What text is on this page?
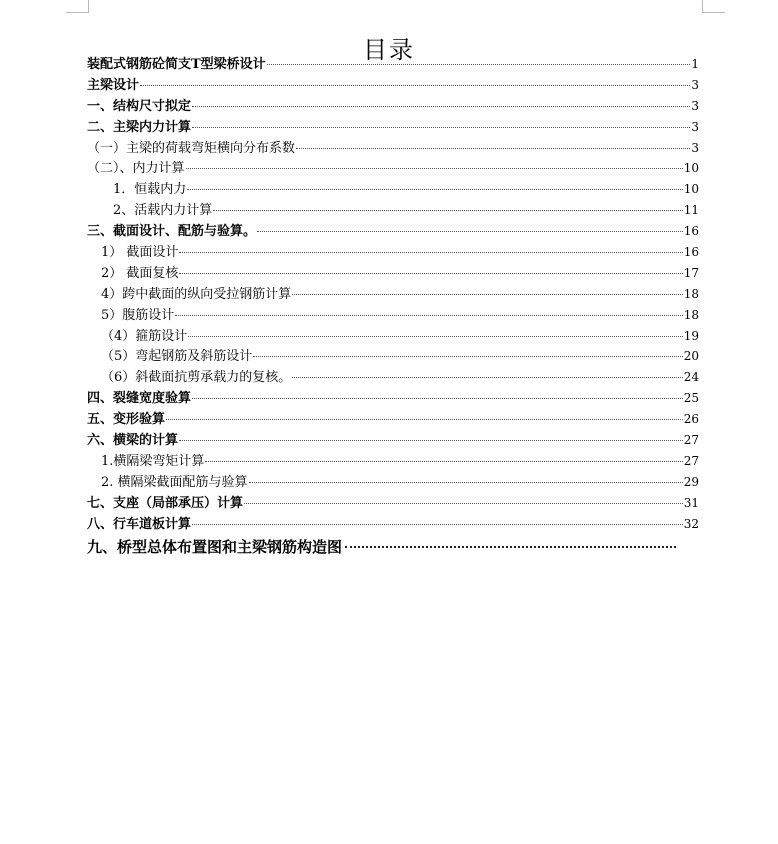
目录
装配式钢筋砼简支T型梁桥设计	1
主梁设计	3
一、结构尺寸拟定	3
二、主梁内力计算	3
（一）主梁的荷载弯矩横向分布系数	3
（二）、内力计算	10
1．恒载内力	10
2、活载内力计算	11
三、截面设计、配筋与验算。	16
1） 截面设计	16
2） 截面复核	17
4）跨中截面的纵向受拉钢筋计算	18
5）腹筋设计	18
（4）箍筋设计	19
（5）弯起钢筋及斜筋设计	20
（6）斜截面抗剪承载力的复核。	24
四、裂缝宽度验算	25
五、变形验算	26
六、横梁的计算	27
1.横隔梁弯矩计算	27
2. 横隔梁截面配筋与验算	29
七、支座（局部承压）计算	31
八、行车道板计算	32
九、桥型总体布置图和主梁钢筋构造图
